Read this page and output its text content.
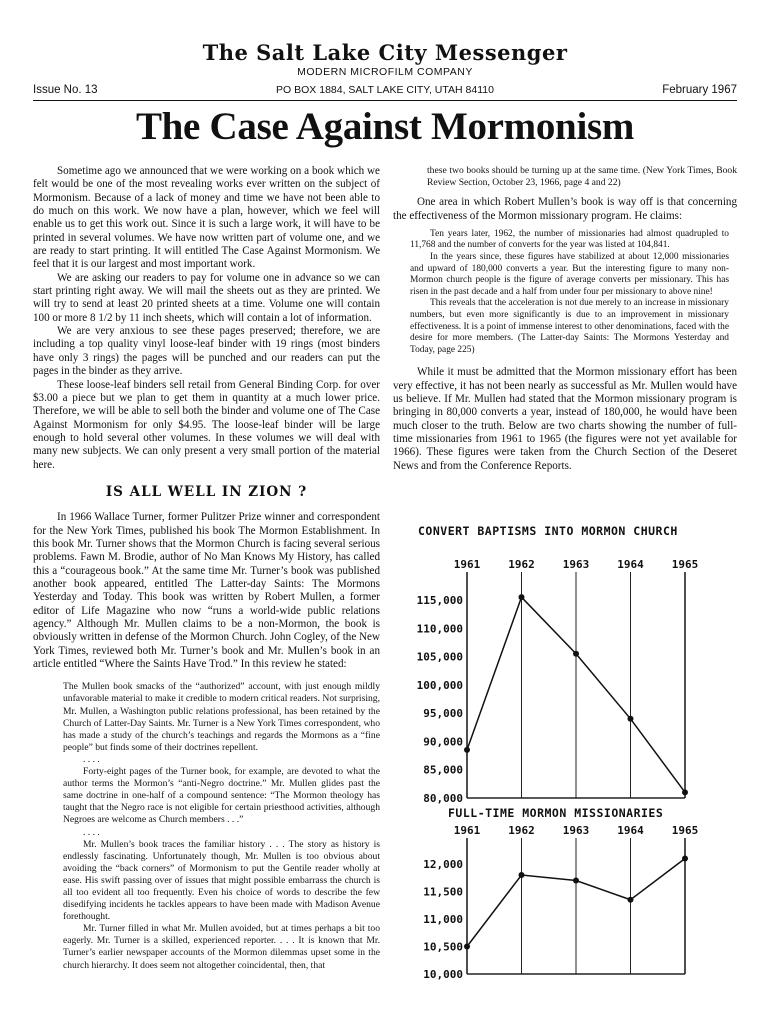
The Salt Lake City Messenger
MODERN MICROFILM COMPANY
Issue No. 13	PO BOX 1884, SALT LAKE CITY, UTAH 84110	February 1967
The Case Against Mormonism

Sometime ago we announced that we were working on a book which we felt would be one of the most revealing works ever written on the subject of Mormonism. Because of a lack of money and time we have not been able to do much on this work. We now have a plan, however, which we feel will enable us to get this work out. Since it is such a large work, it will have to be printed in several volumes. We have now written part of volume one, and we are ready to start printing. It will entitled The Case Against Mormonism. We feel that it is our largest and most important work.

We are asking our readers to pay for volume one in advance so we can start printing right away. We will mail the sheets out as they are printed. We will try to send at least 20 printed sheets at a time. Volume one will contain 100 or more 8 1/2 by 11 inch sheets, which will contain a lot of information.

We are very anxious to see these pages preserved; therefore, we are including a top quality vinyl loose-leaf binder with 19 rings (most binders have only 3 rings) the pages will be punched and our readers can put the pages in the binder as they arrive.

These loose-leaf binders sell retail from General Binding Corp. for over $3.00 a piece but we plan to get them in quantity at a much lower price. Therefore, we will be able to sell both the binder and volume one of The Case Against Mormonism for only $4.95. The loose-leaf binder will be large enough to hold several other volumes. In these volumes we will deal with many new subjects. We can only present a very small portion of the material here.

IS ALL WELL IN ZION ?

In 1966 Wallace Turner, former Pulitzer Prize winner and correspondent for the New York Times, published his book The Mormon Establishment. In this book Mr. Turner shows that the Mormon Church is facing several serious problems. Fawn M. Brodie, author of No Man Knows My History, has called this a “courageous book.” At the same time Mr. Turner’s book was published another book appeared, entitled The Latter-day Saints: The Mormons Yesterday and Today. This book was written by Robert Mullen, a former editor of Life Magazine who now “runs a world-wide public relations agency.” Although Mr. Mullen claims to be a non-Mormon, the book is obviously written in defense of the Mormon Church. John Cogley, of the New York Times, reviewed both Mr. Turner’s book and Mr. Mullen’s book in an article entitled “Where the Saints Have Trod.” In this review he stated:

The Mullen book smacks of the “authorized” account, with just enough mildly unfavorable material to make it credible to modern critical readers. Not surprising, Mr. Mullen, a Washington public relations professional, has been retained by the Church of Latter-Day Saints. Mr. Turner is a New York Times correspondent, who has made a study of the church’s teachings and regards the Mormons as a “fine people” but finds some of their doctrines repellent.

. . . .

Forty-eight pages of the Turner book, for example, are devoted to what the author terms the Mormon’s “anti-Negro doctrine.” Mr. Mullen glides past the same doctrine in one-half of a compound sentence: “The Mormon theology has taught that the Negro race is not eligible for certain priesthood activities, although Negroes are welcome as Church members . . .”

. . . .

Mr. Mullen’s book traces the familiar history . . . The story as history is endlessly fascinating. Unfortunately though, Mr. Mullen is too obvious about avoiding the “back corners” of Mormonism to put the Gentile reader wholly at ease. His swift passing over of issues that might possible embarrass the church is all too evident all too frequently. Even his choice of words to describe the few disedifying incidents he tackles appears to have been made with Madison Avenue forethought.

Mr. Turner filled in what Mr. Mullen avoided, but at times perhaps a bit too eagerly. Mr. Turner is a skilled, experienced reporter. . . . It is known that Mr. Turner’s earlier newspaper accounts of the Mormon dilemmas upset some in the church hierarchy. It does seem not altogether coincidental, then, that

these two books should be turning up at the same time. (New York Times, Book Review Section, October 23, 1966, page 4 and 22)

One area in which Robert Mullen’s book is way off is that concerning the effectiveness of the Mormon missionary program. He claims:

Ten years later, 1962, the number of missionaries had almost quadrupled to 11,768 and the number of converts for the year was listed at 104,841.

In the years since, these figures have stabilized at about 12,000 missionaries and upward of 180,000 converts a year. But the interesting figure to many non-Mormon church people is the figure of average converts per missionary. This has risen in the past decade and a half from under four per missionary to above nine!

This reveals that the acceleration is not due merely to an increase in missionary numbers, but even more significantly is due to an improvement in missionary effectiveness. It is a point of immense interest to other denominations, faced with the desire for more members. (The Latter-day Saints: The Mormons Yesterday and Today, page 225)

While it must be admitted that the Mormon missionary effort has been very effective, it has not been nearly as successful as Mr. Mullen would have us believe. If Mr. Mullen had stated that the Mormon missionary program is bringing in 80,000 converts a year, instead of 180,000, he would have been much closer to the truth. Below are two charts showing the number of full-time missionaries from 1961 to 1965 (the figures were not yet available for 1966). These figures were taken from the Church Section of the Deseret News and from the Conference Reports.

CONVERT BAPTISMS INTO MORMON CHURCH
1961	1962	1963	1964	1965
115,000
110,000
105,000
100,000
95,000
90,000
85,000
80,000
FULL-TIME MORMON MISSIONARIES
1961	1962	1963	1964	1965
12,000
11,500
11,000
10,500
10,000
